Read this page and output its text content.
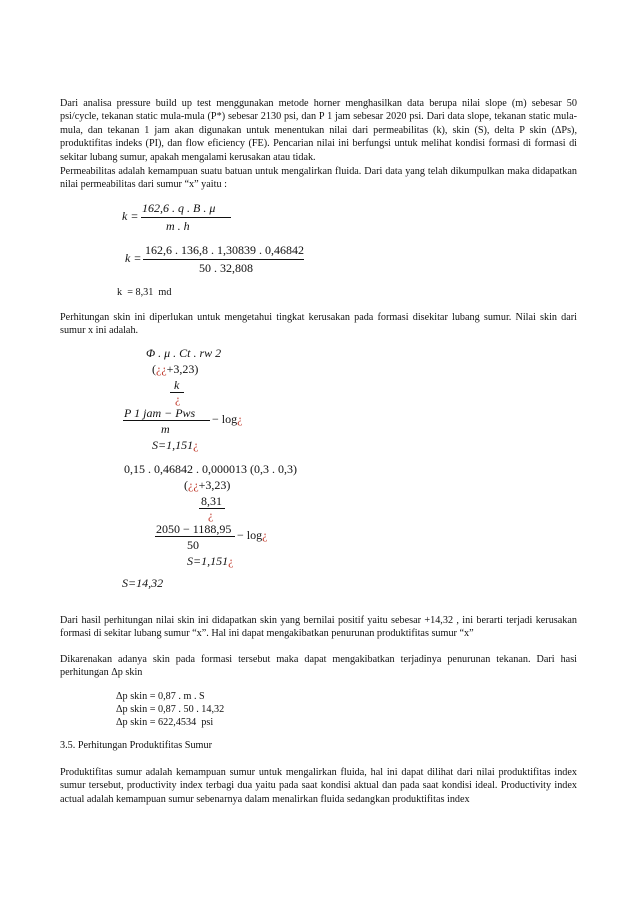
Dari analisa pressure build up test menggunakan metode horner menghasilkan data berupa nilai slope (m) sebesar 50 psi/cycle, tekanan static mula-mula (P*) sebesar 2130 psi, dan P 1 jam sebesar 2020 psi. Dari data slope, tekanan static mula-mula, dan tekanan 1 jam akan digunakan untuk menentukan nilai dari permeabilitas (k), skin (S), delta P skin (ΔPs), produktifitas indeks (PI), dan flow eficiency (FE). Pencarian nilai ini berfungsi untuk melihat kondisi formasi di formasi di sekitar lubang sumur, apakah mengalami kerusakan atau tidak.

Permeabilitas adalah kemampuan suatu batuan untuk mengalirkan fluida. Dari data yang telah dikumpulkan maka didapatkan nilai permeabilitas dari sumur “x” yaitu :

k =
162,6 . q . B . μ
m . h
k =
162,6 . 136,8 . 1,30839 . 0,46842
50 . 32,808
k  = 8,31  md

Perhitungan skin ini diperlukan untuk mengetahui tingkat kerusakan pada formasi disekitar lubang sumur. Nilai skin dari sumur x ini adalah.

Φ . μ . Ct . rw 2
(¿¿+3,23)
k
¿
P 1 jam − Pws − log¿
m
S=1,151¿
0,15 . 0,46842 . 0,000013 (0,3 . 0,3)
(¿¿+3,23)
8,31
¿
2050 − 1188,95 − log¿
50
S=1,151¿
S=14,32

Dari hasil perhitungan nilai skin ini didapatkan skin yang bernilai positif yaitu sebesar +14,32 , ini berarti terjadi kerusakan formasi di sekitar lubang sumur “x”. Hal ini dapat mengakibatkan penurunan produktifitas sumur “x”

Dikarenakan adanya skin pada formasi tersebut maka dapat mengakibatkan terjadinya penurunan tekanan. Dari hasi perhitungan Δp skin

Δp skin = 0,87 . m . S
Δp skin = 0,87 . 50 . 14,32
Δp skin = 622,4534  psi
3.5. Perhitungan Produktifitas Sumur

Produktifitas sumur adalah kemampuan sumur untuk mengalirkan fluida, hal ini dapat dilihat dari nilai produktifitas index sumur tersebut, productivity index terbagi dua yaitu pada saat kondisi aktual dan pada saat kondisi ideal. Productivity index actual adalah kemampuan sumur sebenarnya dalam menalirkan fluida sedangkan produktifitas index
